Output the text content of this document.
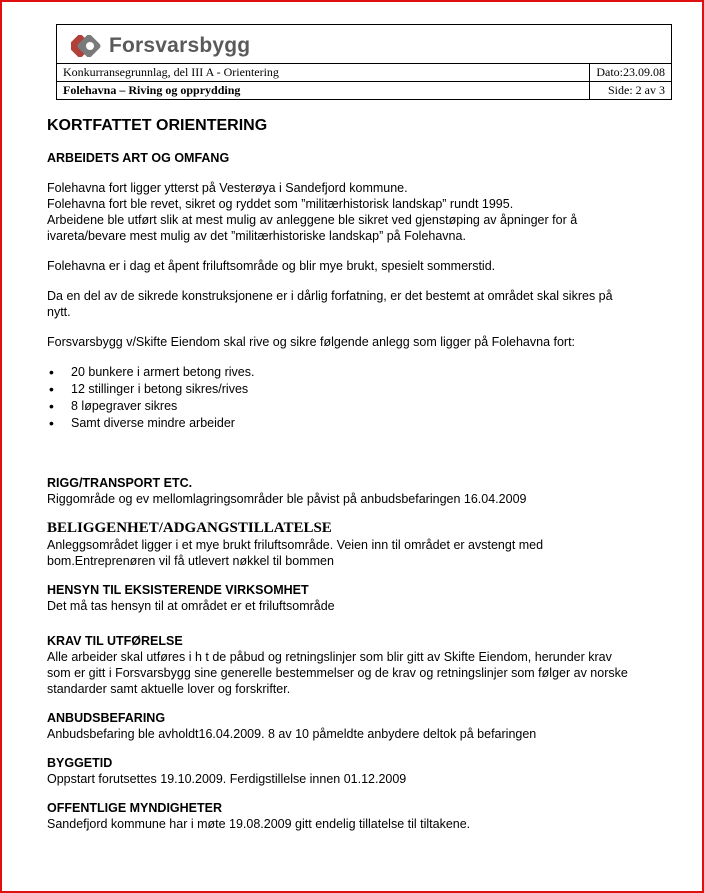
Forsvarsbygg
Konkurransegrunnlag, del III A - Orientering	Dato:23.09.08
Folehavna – Riving og opprydding	Side: 2 av 3
KORTFATTET ORIENTERING
ARBEIDETS ART OG OMFANG
Folehavna fort ligger ytterst på Vesterøya i Sandefjord kommune.
Folehavna fort ble revet, sikret og ryddet som ”militærhistorisk landskap” rundt 1995.
Arbeidene ble utført slik at mest mulig av anleggene ble sikret ved gjenstøping av åpninger for å
ivareta/bevare mest mulig av det ”militærhistoriske landskap” på Folehavna.
Folehavna er i dag et åpent friluftsområde og blir mye brukt, spesielt sommerstid.
Da en del av de sikrede konstruksjonene er i dårlig forfatning, er det bestemt at området skal sikres på
nytt.
Forsvarsbygg v/Skifte Eiendom skal rive og sikre følgende anlegg som ligger på Folehavna fort:
• 20 bunkere i armert betong rives.
• 12 stillinger i betong sikres/rives
• 8 løpegraver sikres
• Samt diverse mindre arbeider
RIGG/TRANSPORT ETC.
Riggområde og ev mellomlagringsområder ble påvist på anbudsbefaringen 16.04.2009
BELIGGENHET/ADGANGSTILLATELSE
Anleggsområdet ligger i et mye brukt friluftsområde. Veien inn til området er avstengt med
bom.Entreprenøren vil få utlevert nøkkel til bommen
HENSYN TIL EKSISTERENDE VIRKSOMHET
Det må tas hensyn til at området er et friluftsområde
KRAV TIL UTFØRELSE
Alle arbeider skal utføres i h t de påbud og retningslinjer som blir gitt av Skifte Eiendom, herunder krav
som er gitt i Forsvarsbygg sine generelle bestemmelser og de krav og retningslinjer som følger av norske
standarder samt aktuelle lover og forskrifter.
ANBUDSBEFARING
Anbudsbefaring ble avholdt16.04.2009. 8 av 10 påmeldte anbydere deltok på befaringen
BYGGETID
Oppstart forutsettes 19.10.2009. Ferdigstillelse innen 01.12.2009
OFFENTLIGE MYNDIGHETER
Sandefjord kommune har i møte 19.08.2009 gitt endelig tillatelse til tiltakene.
